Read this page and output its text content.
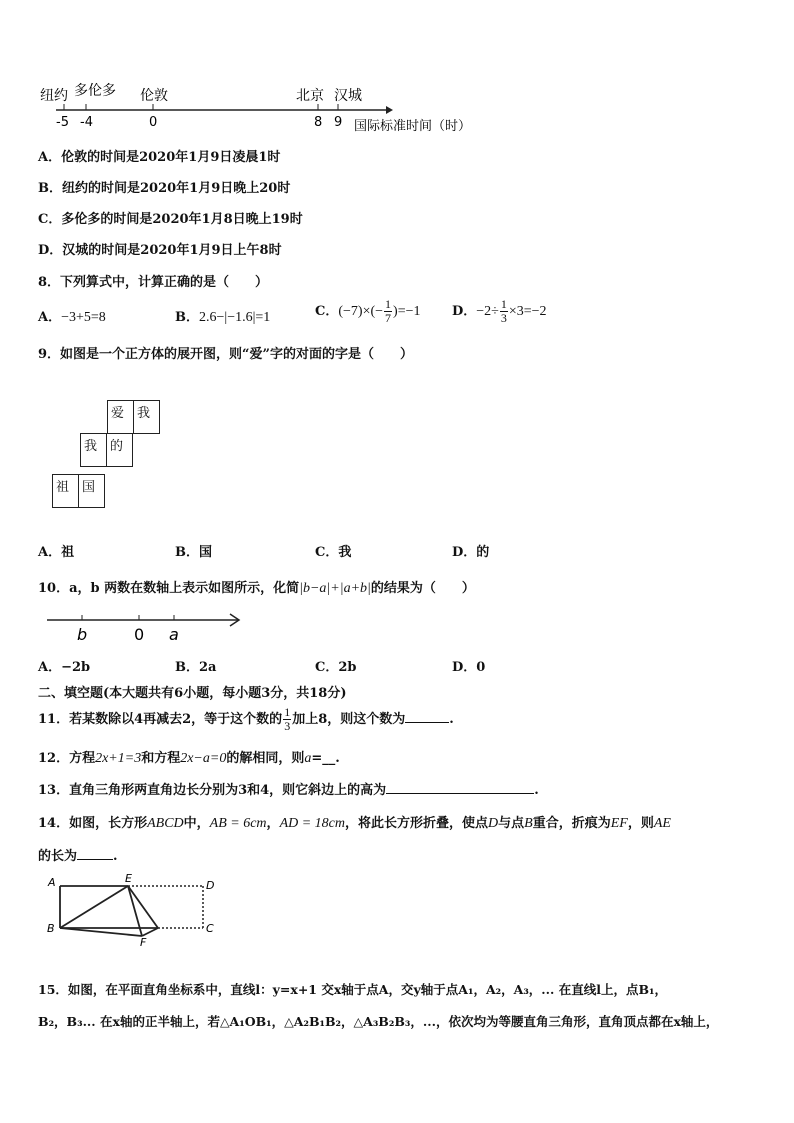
纽约 多伦多 伦敦	北京 汉城
-5 -4	0	8 9 国际标准时间（时）
A．伦敦的时间是2020年1月9日凌晨1时
B．纽约的时间是2020年1月9日晚上20时
C．多伦多的时间是2020年1月8日晚上19时
D．汉城的时间是2020年1月9日上午8时
8．下列算式中，计算正确的是（　　）
A．−3+5=8	B．2.6−|−1.6|=1	C．$(-7)\times(- \frac{1}{7} )=-1$ D．$-2\div \frac{1}{3} \times 3=-2$
9．如图是一个正方体的展开图，则“爱”字的对面的字是（　　）
爱 我
我 的
祖 国
A．祖	B．国	C．我	D．的
10．a，b 两数在数轴上表示如图所示，化简|b−a|+|a+b|的结果为（　　）
b	0 a
A．−2b	B．2a	C．2b	D．0
二、填空题(本大题共有6小题，每小题3分，共18分)
11．若某数除以4再减去2，等于这个数的 $\frac{1}{3}$ 加上8，则这个数为	.
12．方程2x+1=3和方程2x−a=0的解相同，则a=__.
13．直角三角形两直角边长分别为3和4，则它斜边上的高为	.
14．如图，长方形ABCD中，AB = 6cm，AD = 18cm，将此长方形折叠，使点D与点B重合，折痕为EF，则AE
的长为	.
A	E
D
B
F
C
15．如图，在平面直角坐标系中，直线l：y=x+1 交x轴于点A，交y轴于点A₁，A₂，A₃，... 在直线l上，点B₁，
B₂，B₃... 在x轴的正半轴上，若△A₁OB₁，△A₂B₁B₂，△A₃B₂B₃，...，依次均为等腰直角三角形，直角顶点都在x轴上，
